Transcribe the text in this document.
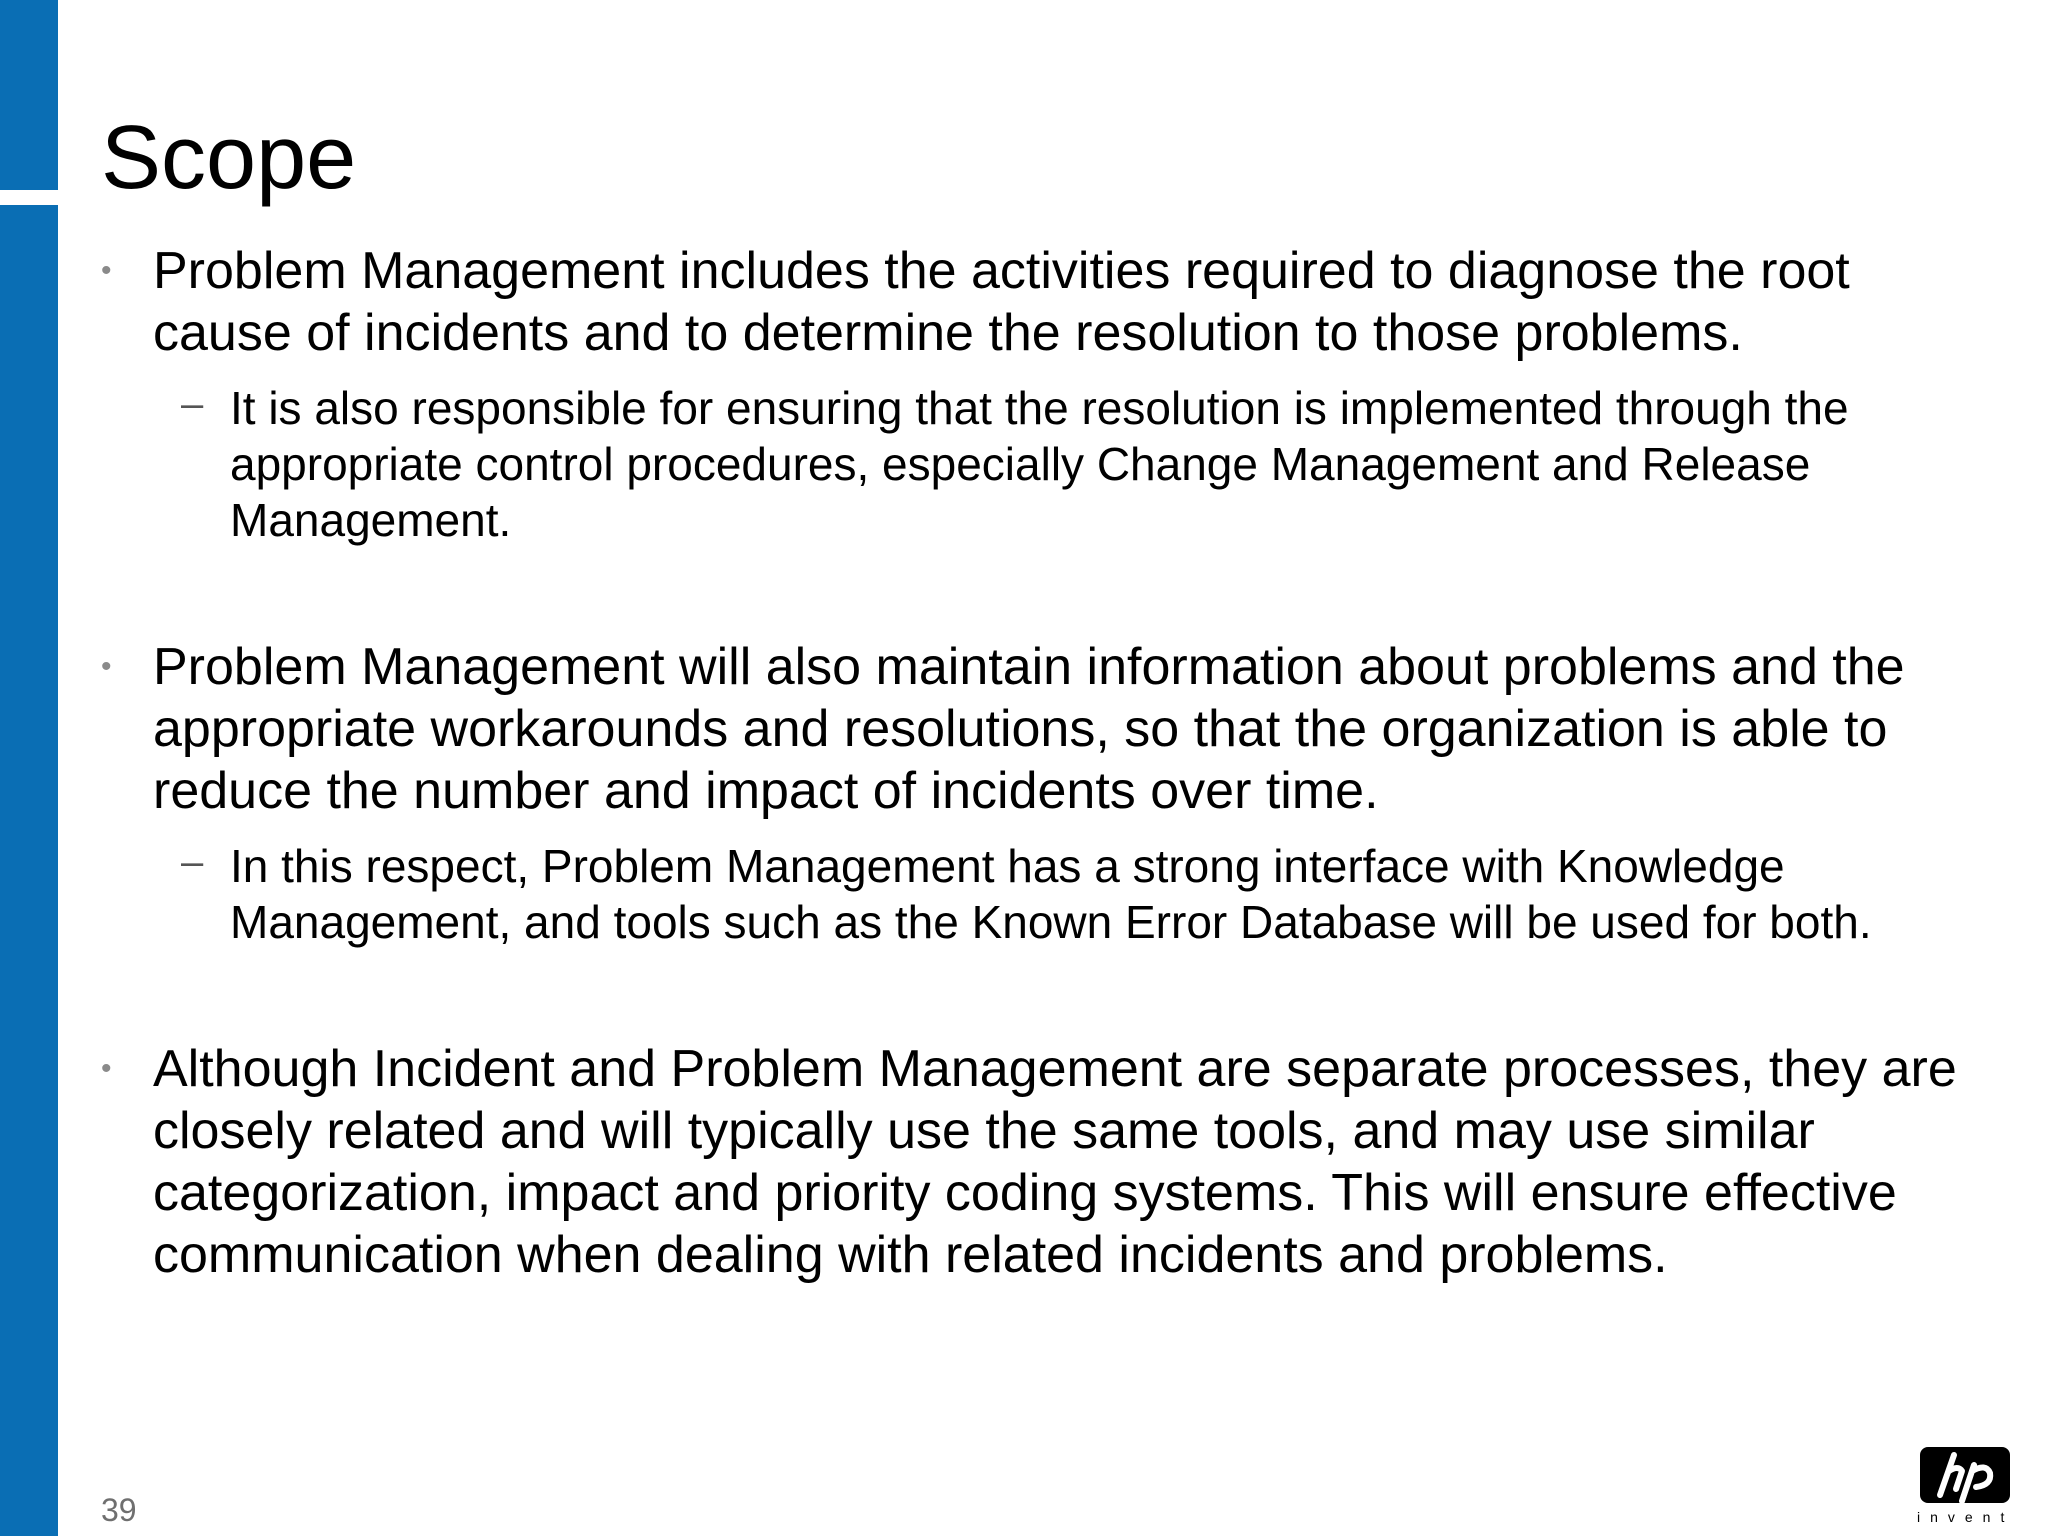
Scope
• Problem Management includes the activities required to diagnose the root cause of incidents and to determine the resolution to those problems.
– It is also responsible for ensuring that the resolution is implemented through the appropriate control procedures, especially Change Management and Release Management.
• Problem Management will also maintain information about problems and the appropriate workarounds and resolutions, so that the organization is able to reduce the number and impact of incidents over time.
– In this respect, Problem Management has a strong interface with Knowledge Management, and tools such as the Known Error Database will be used for both.
• Although Incident and Problem Management are separate processes, they are closely related and will typically use the same tools, and may use similar categorization, impact and priority coding systems. This will ensure effective communication when dealing with related incidents and problems.
39	invent
